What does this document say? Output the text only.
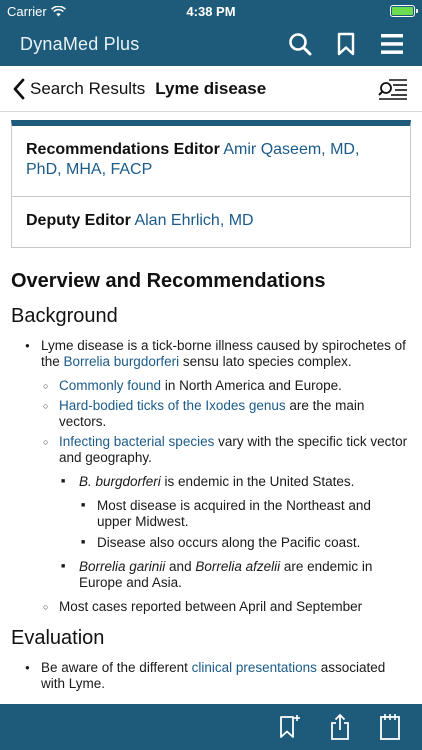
Carrier	4:38 PM
DynaMed Plus
Search Results Lyme disease
Recommendations Editor Amir Qaseem, MD, PhD, MHA, FACP
Deputy Editor Alan Ehrlich, MD
Overview and Recommendations
Background
● Lyme disease is a tick-borne illness caused by spirochetes of the Borrelia burgdorferi sensu lato species complex.
○ Commonly found in North America and Europe.
○ Hard-bodied ticks of the Ixodes genus are the main vectors.
○ Infecting bacterial species vary with the specific tick vector and geography.
■ B. burgdorferi is endemic in the United States.
■ Most disease is acquired in the Northeast and upper Midwest.
■ Disease also occurs along the Pacific coast.
■ Borrelia garinii and Borrelia afzelii are endemic in Europe and Asia.
○ Most cases reported between April and September
Evaluation
● Be aware of the different clinical presentations associated with Lyme.
